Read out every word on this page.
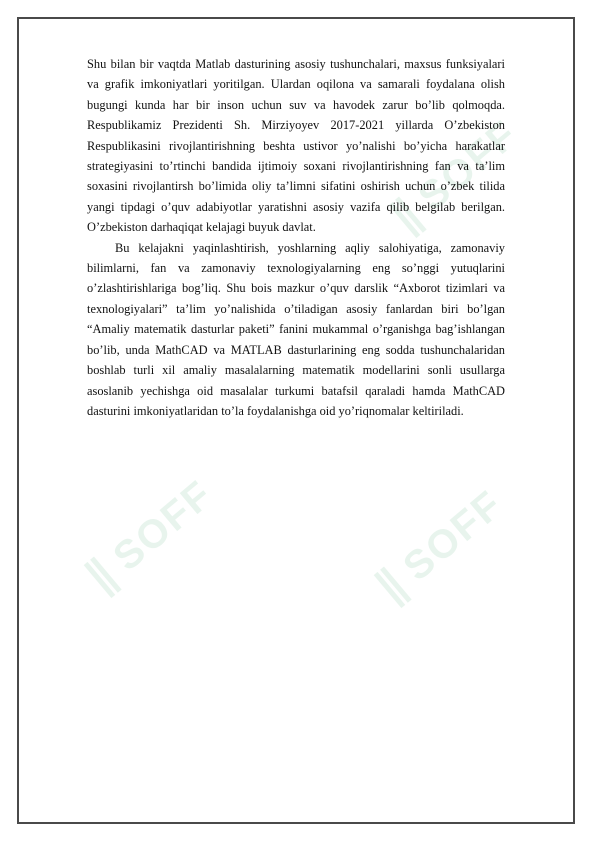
Shu bilan bir vaqtda Matlab dasturining asosiy tushunchalari, maxsus funksiyalari va grafik imkoniyatlari yoritilgan. Ulardan oqilona va samarali foydalana olish bugungi kunda har bir inson uchun suv va havodek zarur bo’lib qolmoqda. Respublikamiz Prezidenti Sh. Mirziyoyev 2017-2021 yillarda O’zbekiston Respublikasini rivojlantirishning beshta ustivor yo’nalishi bo’yicha harakatlar strategiyasini to’rtinchi bandida ijtimoiy soxani rivojlantirishning fan va ta’lim soxasini rivojlantirsh bo’limida oliy ta’limni sifatini oshirish uchun o’zbek tilida yangi tipdagi o’quv adabiyotlar yaratishni asosiy vazifa qilib belgilab berilgan. O’zbekiston darhaqiqat kelajagi buyuk davlat.

Bu kelajakni yaqinlashtirish, yoshlarning aqliy salohiyatiga, zamonaviy bilimlarni, fan va zamonaviy texnologiyalarning eng so’nggi yutuqlarini o’zlashtirishlariga bog’liq. Shu bois mazkur o’quv darslik “Axborot tizimlari va texnologiyalari” ta’lim yo’nalishida o’tiladigan asosiy fanlardan biri bo’lgan “Amaliy matematik dasturlar paketi” fanini mukammal o’rganishga bag’ishlangan bo’lib, unda MathCAD va MATLAB dasturlarining eng sodda tushunchalaridan boshlab turli xil amaliy masalalarning matematik modellarini sonli usullarga asoslanib yechishga oid masalalar turkumi batafsil qaraladi hamda MathCAD dasturini imkoniyatlaridan to’la foydalanishga oid yo’riqnomalar keltiriladi.
